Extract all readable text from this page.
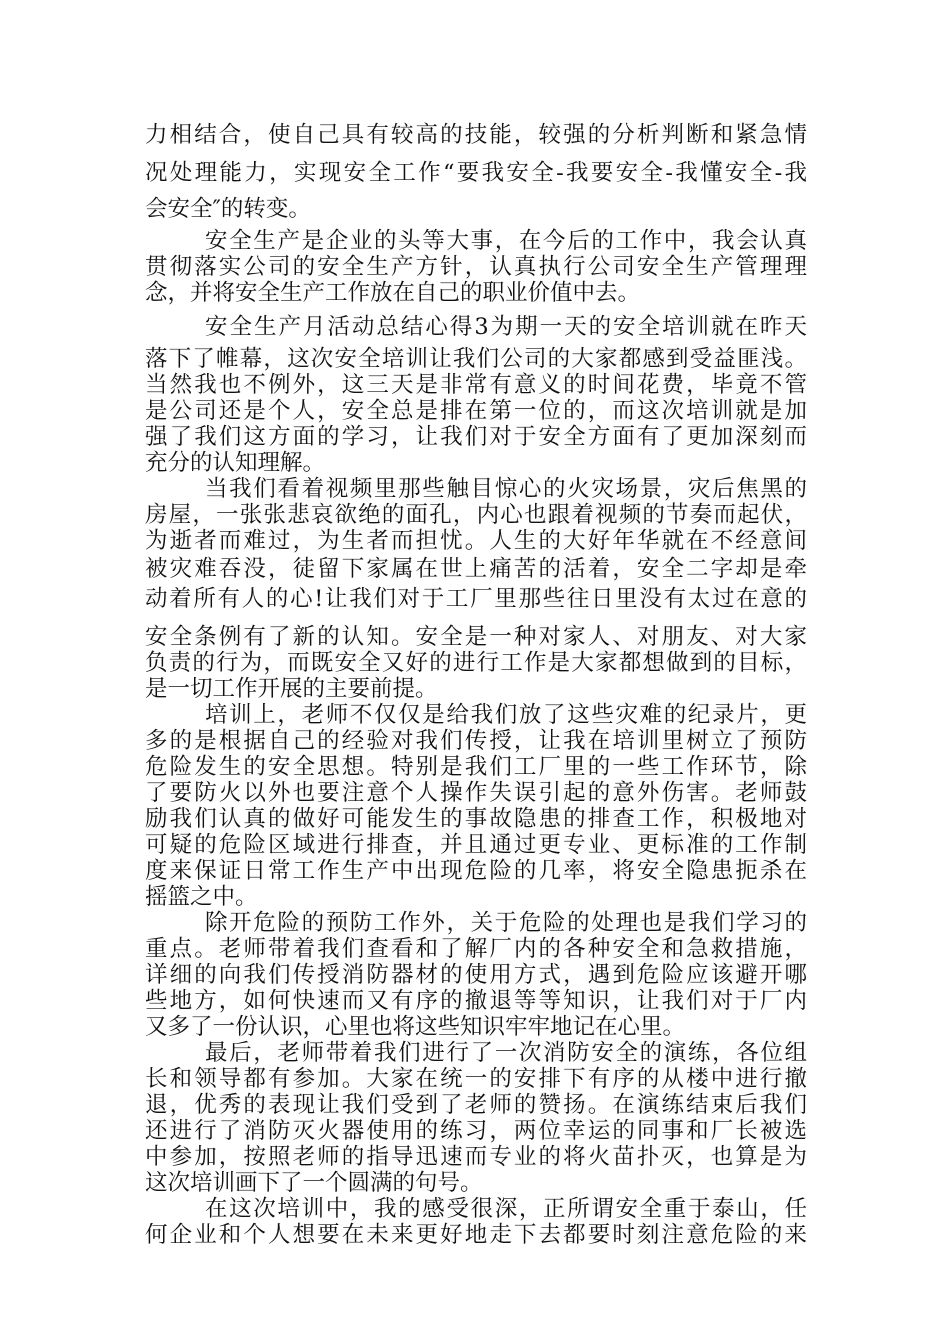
力相结合，使自己具有较高的技能，较强的分析判断和紧急情
况处理能力，实现安全工作“要我安全-我要安全-我懂安全-我
会安全″的转变。
安全生产是企业的头等大事，在今后的工作中，我会认真
贯彻落实公司的安全生产方针，认真执行公司安全生产管理理
念，并将安全生产工作放在自己的职业价值中去。
安全生产月活动总结心得3为期一天的安全培训就在昨天
落下了帷幕，这次安全培训让我们公司的大家都感到受益匪浅。
当然我也不例外，这三天是非常有意义的时间花费，毕竟不管
是公司还是个人，安全总是排在第一位的，而这次培训就是加
强了我们这方面的学习，让我们对于安全方面有了更加深刻而
充分的认知理解。
当我们看着视频里那些触目惊心的火灾场景，灾后焦黑的
房屋，一张张悲哀欲绝的面孔，内心也跟着视频的节奏而起伏，
为逝者而难过，为生者而担忧。人生的大好年华就在不经意间
被灾难吞没，徒留下家属在世上痛苦的活着，安全二字却是牵
动着所有人的心!让我们对于工厂里那些往日里没有太过在意的
安全条例有了新的认知。安全是一种对家人、对朋友、对大家
负责的行为，而既安全又好的进行工作是大家都想做到的目标，
是一切工作开展的主要前提。
培训上，老师不仅仅是给我们放了这些灾难的纪录片，更
多的是根据自己的经验对我们传授，让我在培训里树立了预防
危险发生的安全思想。特别是我们工厂里的一些工作环节，除
了要防火以外也要注意个人操作失误引起的意外伤害。老师鼓
励我们认真的做好可能发生的事故隐患的排查工作，积极地对
可疑的危险区域进行排查，并且通过更专业、更标准的工作制
度来保证日常工作生产中出现危险的几率，将安全隐患扼杀在
摇篮之中。
除开危险的预防工作外，关于危险的处理也是我们学习的
重点。老师带着我们查看和了解厂内的各种安全和急救措施，
详细的向我们传授消防器材的使用方式，遇到危险应该避开哪
些地方，如何快速而又有序的撤退等等知识，让我们对于厂内
又多了一份认识，心里也将这些知识牢牢地记在心里。
最后，老师带着我们进行了一次消防安全的演练，各位组
长和领导都有参加。大家在统一的安排下有序的从楼中进行撤
退，优秀的表现让我们受到了老师的赞扬。在演练结束后我们
还进行了消防灭火器使用的练习，两位幸运的同事和厂长被选
中参加，按照老师的指导迅速而专业的将火苗扑灭，也算是为
这次培训画下了一个圆满的句号。
在这次培训中，我的感受很深，正所谓安全重于泰山，任
何企业和个人想要在未来更好地走下去都要时刻注意危险的来
